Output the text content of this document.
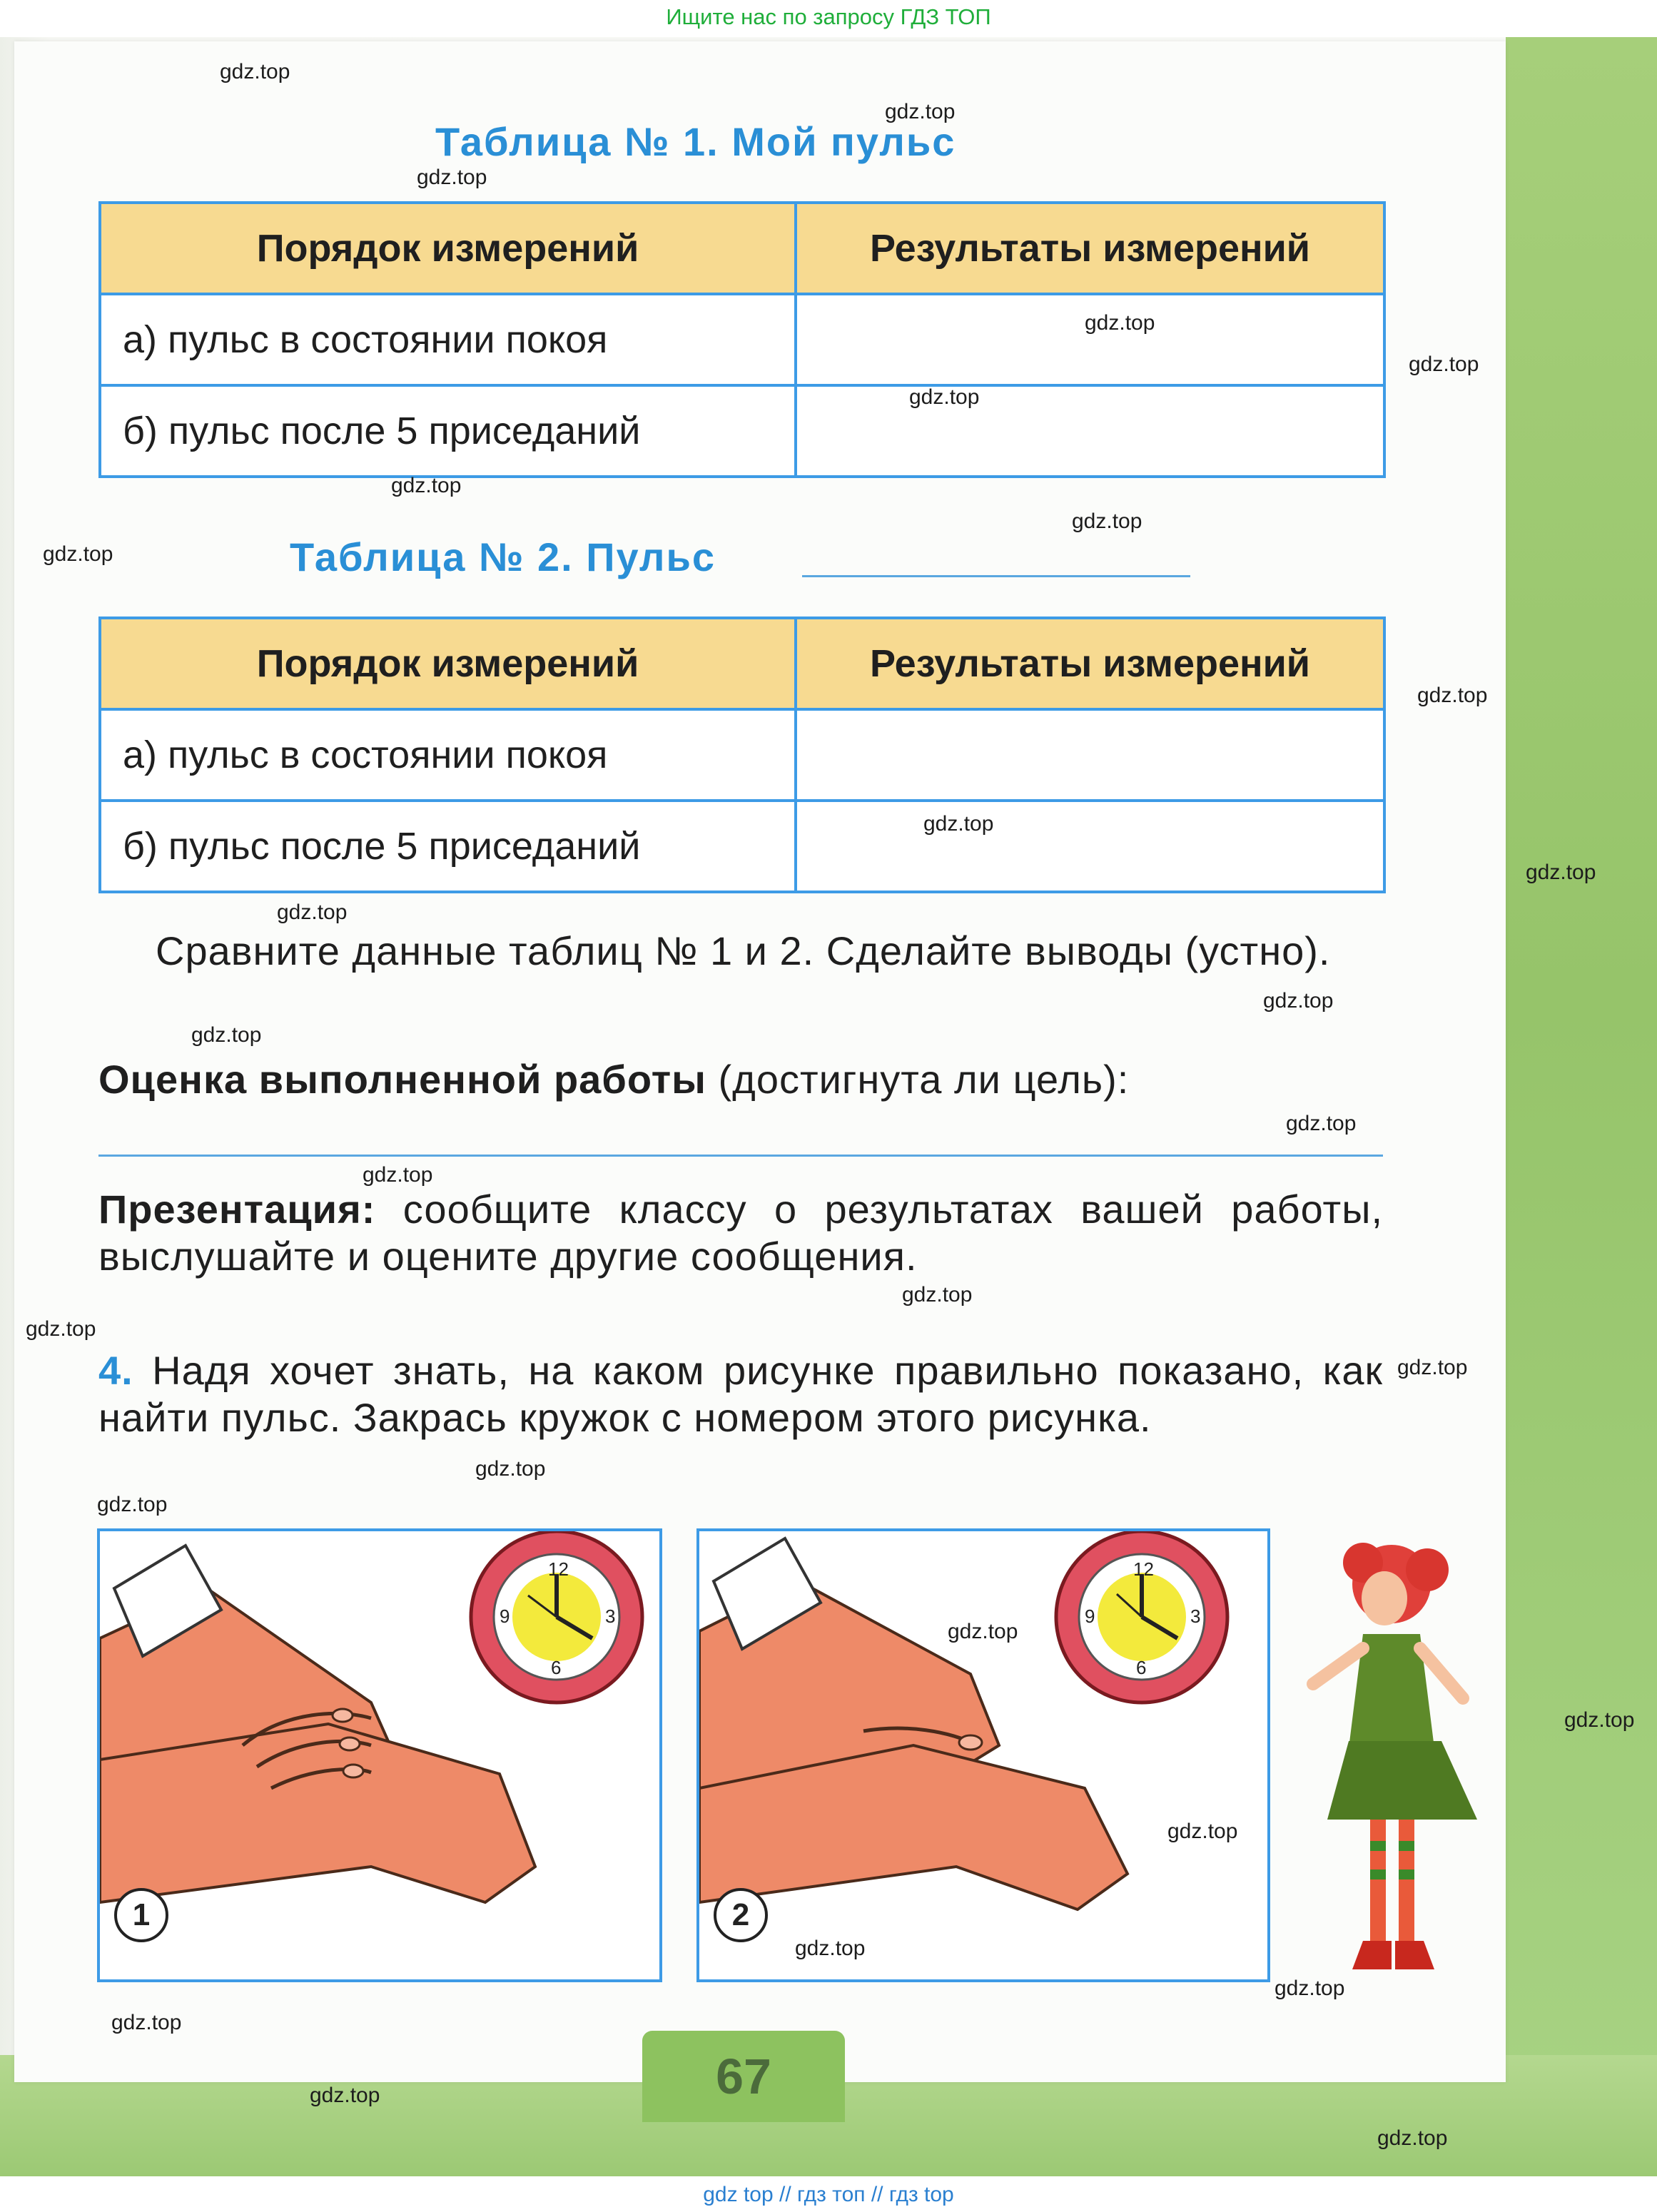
Ищите нас по запросу ГДЗ ТОП
Таблица № 1. Мой пульс
Порядок измерений	Результаты измерений
а) пульс в состоянии покоя	
б) пульс после 5 приседаний	
Таблица № 2. Пульс
Порядок измерений	Результаты измерений
а) пульс в состоянии покоя	
б) пульс после 5 приседаний	
Сравните данные таблиц № 1 и 2. Сделайте выводы (устно).
Оценка выполненной работы (достигнута ли цель):
Презентация: сообщите классу о результатах вашей работы, выслушайте и оцените другие сообщения.
4. Надя хочет знать, на каком рисунке правильно показано, как найти пульс. Закрась кружок с номером этого рисунка.
12
9	3
6
1
12
9	3
6
2
67
gdz.top
gdz.top
gdz.top
gdz.top
gdz.top
gdz.top
gdz.top
gdz.top
gdz.top
gdz.top
gdz.top
gdz.top
gdz.top
gdz.top
gdz.top
gdz.top
gdz.top
gdz.top
gdz.top
gdz.top
gdz.top
gdz.top
gdz.top
gdz.top
gdz.top
gdz.top
gdz.top
gdz.top
gdz.top
gdz.top
gdz top // гдз топ // гдз top
